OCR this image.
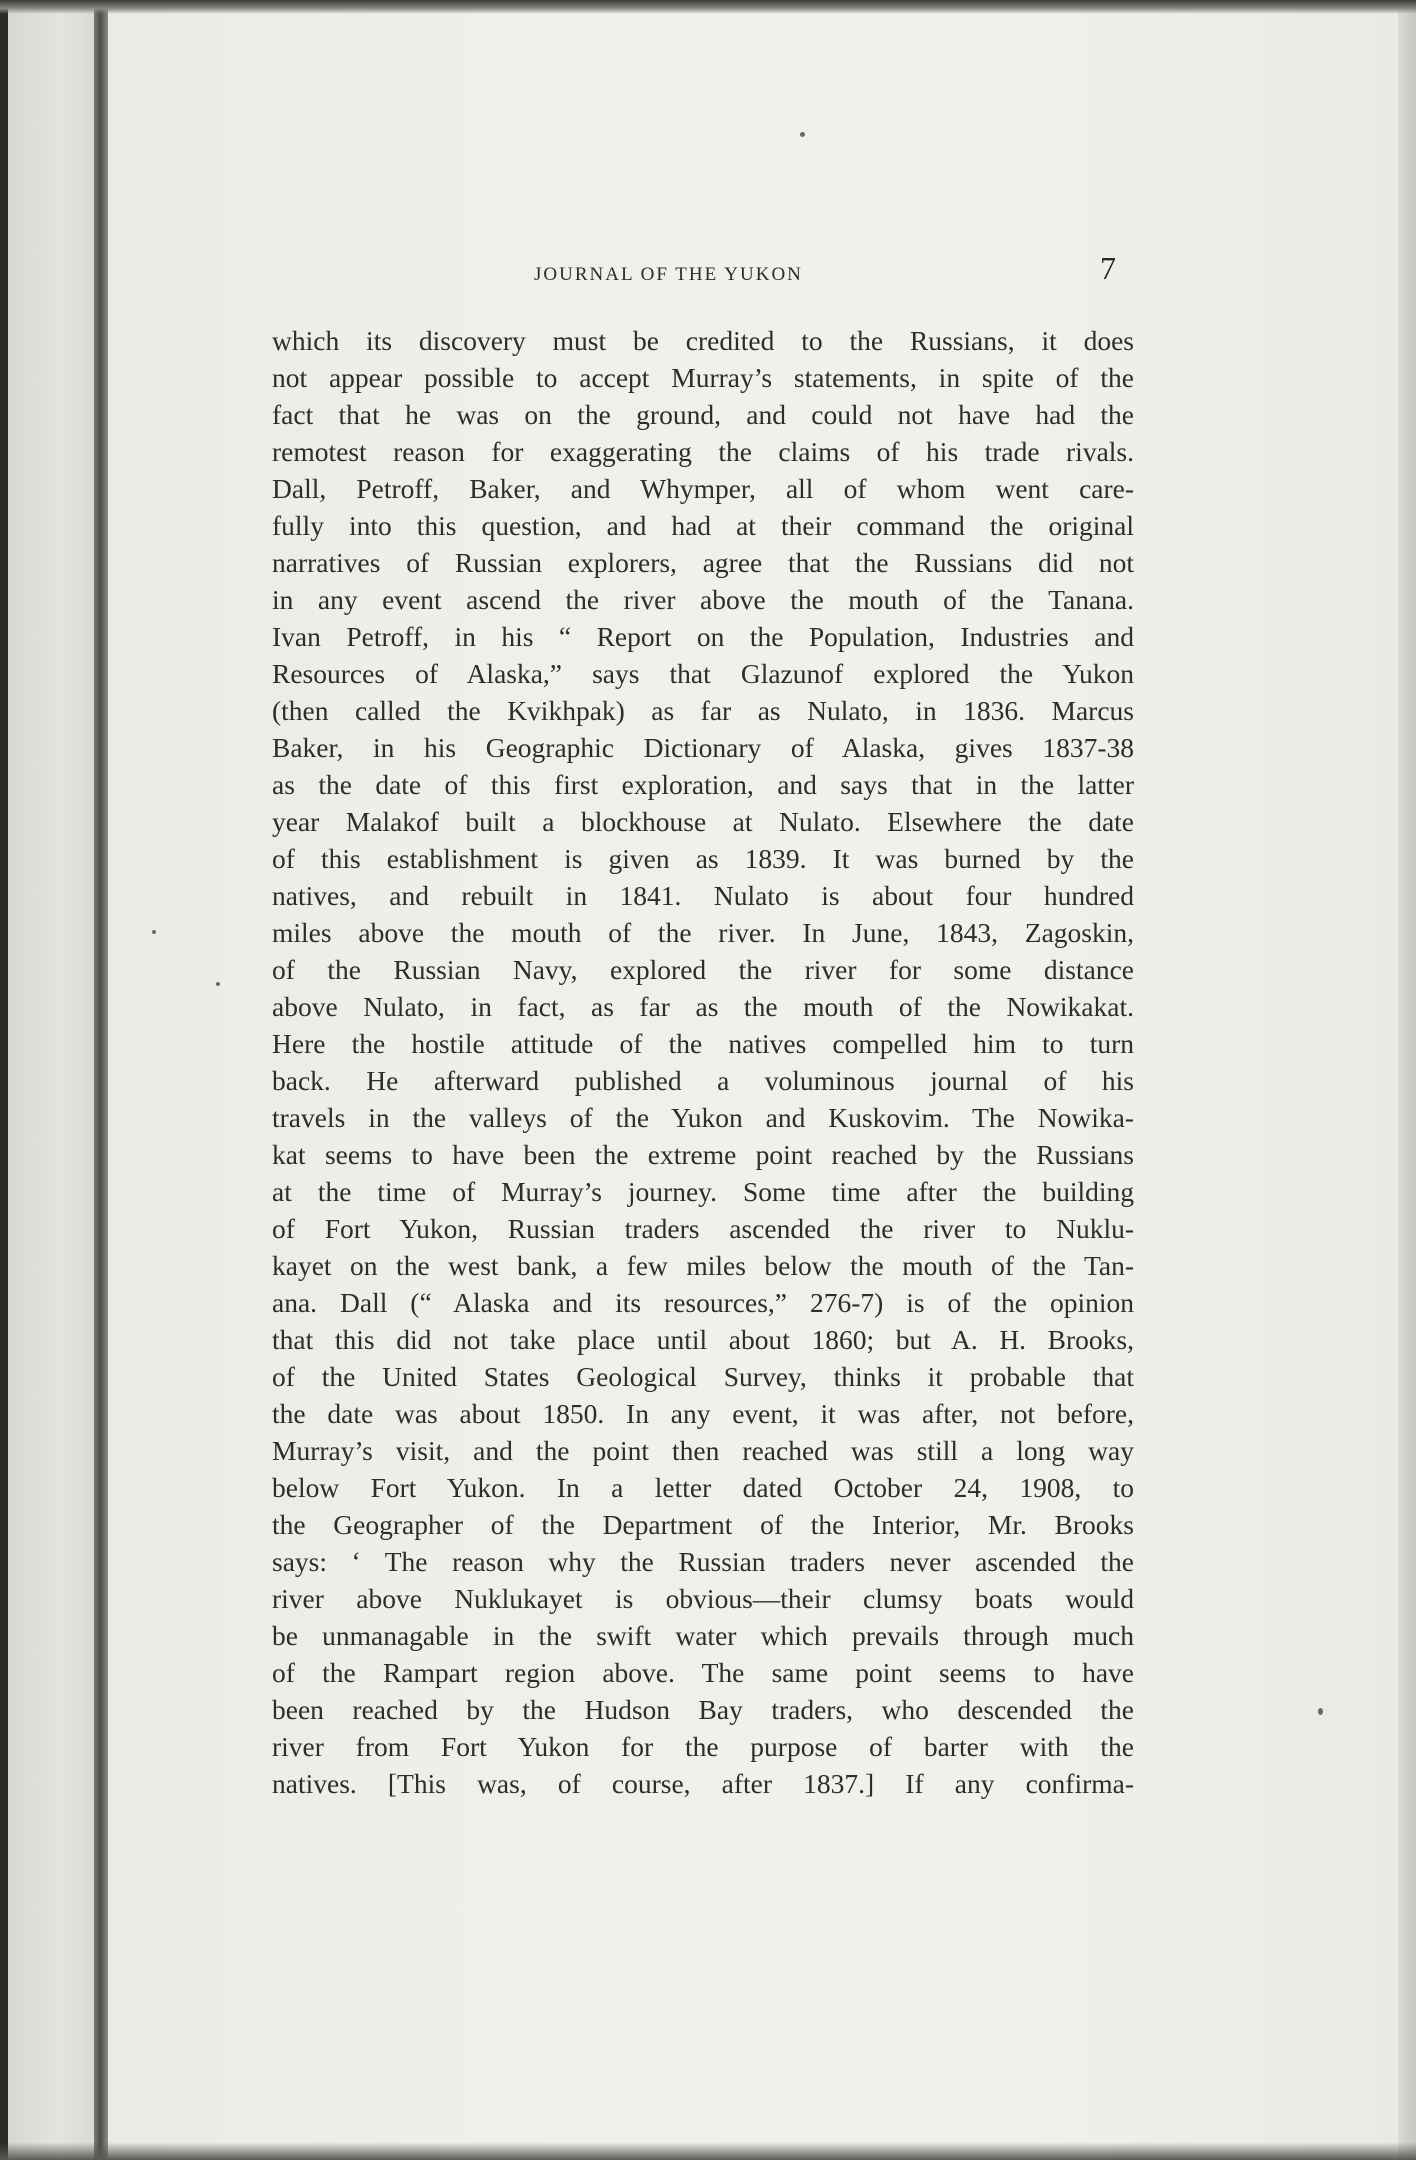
JOURNAL OF THE YUKON	7
which its discovery must be credited to the Russians, it does
not appear possible to accept Murray’s statements, in spite of the
fact that he was on the ground, and could not have had the
remotest reason for exaggerating the claims of his trade rivals.
Dall, Petroff, Baker, and Whymper, all of whom went care-
fully into this question, and had at their command the original
narratives of Russian explorers, agree that the Russians did not
in any event ascend the river above the mouth of the Tanana.
Ivan Petroff, in his “ Report on the Population, Industries and
Resources of Alaska,” says that Glazunof explored the Yukon
(then called the Kvikhpak) as far as Nulato, in 1836. Marcus
Baker, in his Geographic Dictionary of Alaska, gives 1837-38
as the date of this first exploration, and says that in the latter
year Malakof built a blockhouse at Nulato. Elsewhere the date
of this establishment is given as 1839. It was burned by the
natives, and rebuilt in 1841. Nulato is about four hundred
miles above the mouth of the river. In June, 1843, Zagoskin,
of the Russian Navy, explored the river for some distance
above Nulato, in fact, as far as the mouth of the Nowikakat.
Here the hostile attitude of the natives compelled him to turn
back. He afterward published a voluminous journal of his
travels in the valleys of the Yukon and Kuskovim. The Nowika-
kat seems to have been the extreme point reached by the Russians
at the time of Murray’s journey. Some time after the building
of Fort Yukon, Russian traders ascended the river to Nuklu-
kayet on the west bank, a few miles below the mouth of the Tan-
ana. Dall (“ Alaska and its resources,” 276-7) is of the opinion
that this did not take place until about 1860; but A. H. Brooks,
of the United States Geological Survey, thinks it probable that
the date was about 1850. In any event, it was after, not before,
Murray’s visit, and the point then reached was still a long way
below Fort Yukon. In a letter dated October 24, 1908, to
the Geographer of the Department of the Interior, Mr. Brooks
says: ‘ The reason why the Russian traders never ascended the
river above Nuklukayet is obvious—their clumsy boats would
be unmanagable in the swift water which prevails through much
of the Rampart region above. The same point seems to have
been reached by the Hudson Bay traders, who descended the
river from Fort Yukon for the purpose of barter with the
natives. [This was, of course, after 1837.] If any confirma-
